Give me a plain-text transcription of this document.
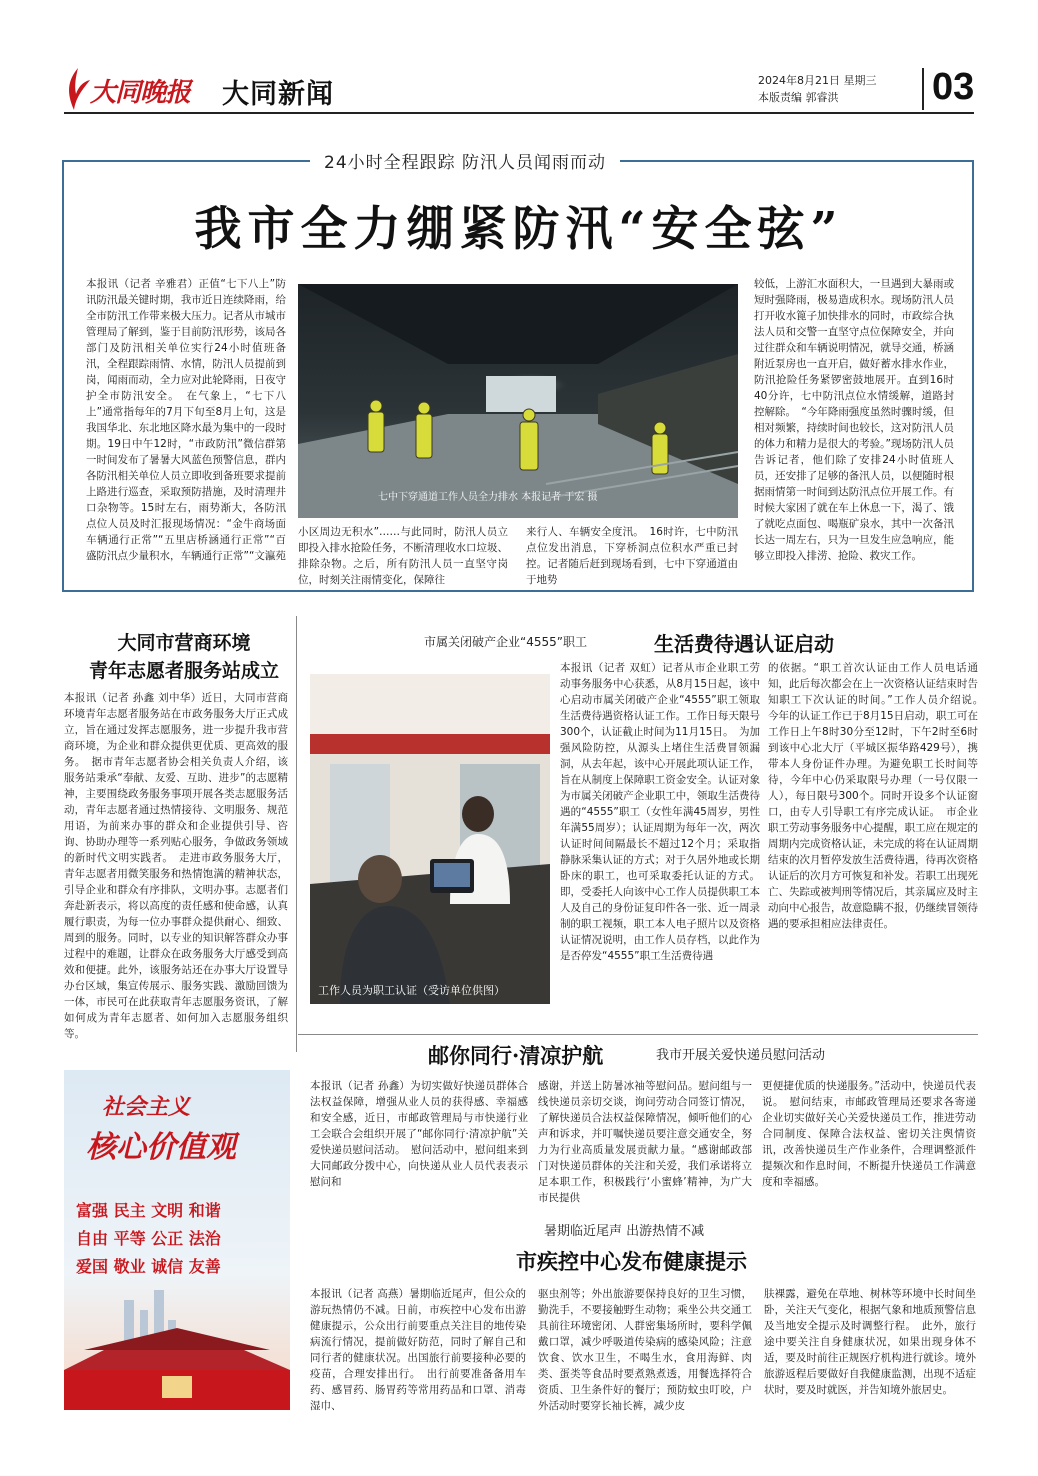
大同晚报 大同新闻	2024年8月21日 星期三
本版责编 郭睿洪 03
24小时全程跟踪 防汛人员闻雨而动
我市全力绷紧防汛“安全弦”
本报讯（记者 辛雅君）正值“七下八上”防讯防汛最关键时期，我市近日连续降雨，给全市防汛工作带来极大压力。记者从市城市管理局了解到，鉴于目前防汛形势，该局各部门及防汛相关单位实行24小时值班备汛，全程跟踪雨情、水情，防汛人员提前到岗，闻雨而动，全力应对此轮降雨，日夜守护全市防汛安全。　在气象上，“七下八上”通常指每年的7月下旬至8月上旬，这是我国华北、东北地区降水最为集中的一段时期。19日中午12时，“市政防汛”微信群第一时间发布了暑暑大风蓝色预警信息，群内各防汛相关单位人员立即收到备班要求提前上路进行巡查，采取预防措施，及时清理井口杂物等。15时左右，雨势渐大，各防汛点位人员及时汇报现场情况：“金牛商场面车辆通行正常”“五里店桥涵通行正常”“百盛防汛点少量积水，车辆通行正常”“文瀛苑
七中下穿通道工作人员全力排水 本报记者 于宏 摄
小区周边无积水”……与此同时，防汛人员立即投入排水抢险任务，不断清理收水口垃圾、排除杂物。之后，所有防汛人员一直坚守岗位，时刻关注雨情变化，保障往
来行人、车辆安全度汛。　16时许，七中防汛点位发出消息，下穿桥洞点位积水严重已封控。记者随后赶到现场看到，七中下穿通道由于地势
较低，上游汇水面积大，一旦遇到大暴雨或短时强降雨，极易造成积水。现场防汛人员打开收水篦子加快排水的同时，市政综合执法人员和交警一直坚守点位保障安全，并向过往群众和车辆说明情况，就导交通，桥涵附近泵房也一直开启，做好蓄水排水作业，防汛抢险任务紧锣密鼓地展开。直到16时40分许，七中防汛点位水情缓解，道路封控解除。　“今年降雨强度虽然时骤时缓，但相对频繁，持续时间也较长，这对防汛人员的体力和精力是很大的考验。”现场防汛人员告诉记者，他们除了安排24小时值班人员，还安排了足够的备汛人员，以便随时根据雨情第一时间到达防汛点位开展工作。有时候大家困了就在车上休息一下，渴了、饿了就吃点面包、喝瓶矿泉水，其中一次备汛长达一周左右，只为一旦发生应急响应，能够立即投入排涝、抢险、救灾工作。
大同市营商环境
青年志愿者服务站成立
本报讯（记者 孙鑫 刘中华）近日，大同市营商环境青年志愿者服务站在市政务服务大厅正式成立，旨在通过发挥志愿服务，进一步提升我市营商环境，为企业和群众提供更优质、更高效的服务。　据市青年志愿者协会相关负责人介绍，该服务站秉承“奉献、友爱、互助、进步”的志愿精神，主要围绕政务服务事项开展各类志愿服务活动，青年志愿者通过热情接待、文明服务、规范用语，为前来办事的群众和企业提供引导、咨询、协助办理等一系列贴心服务，争做政务领域的新时代文明实践者。　走进市政务服务大厅，青年志愿者用微笑服务和热情饱满的精神状态，引导企业和群众有序排队，文明办事。志愿者们奔赴新表示，将以高度的责任感和使命感，认真履行职责，为每一位办事群众提供耐心、细致、周到的服务。同时，以专业的知识解答群众办事过程中的难题，让群众在政务服务大厅感受到高效和便捷。此外，该服务站还在办事大厅设置导办台区域，集宣传展示、服务实践、激励回馈为一体，市民可在此获取青年志愿服务资讯，了解如何成为青年志愿者、如何加入志愿服务组织等。
市属关闭破产企业“4555”职工	生活费待遇认证启动
工作人员为职工认证（受访单位供图）
本报讯（记者 双虹）记者从市企业职工劳动事务服务中心获悉，从8月15日起，该中心启动市属关闭破产企业“4555”职工领取生活费待遇资格认证工作。工作日每天限号300个，认证截止时间为11月15日。　为加强风险防控，从源头上堵住生活费冒领漏洞，从去年起，该中心开展此项认证工作，旨在从制度上保障职工资金安全。认证对象为市属关闭破产企业职工中，领取生活费待遇的“4555”职工（女性年满45周岁，男性年满55周岁）；认证周期为每年一次，两次认证时间间隔最长不超过12个月；采取指静脉采集认证的方式；对于久居外地或长期卧床的职工，也可采取委托认证的方式。即，受委托人向该中心工作人员提供职工本人及自己的身份证复印件各一张、近一周录制的职工视频，职工本人电子照片以及资格认证情况说明，由工作人员存档，以此作为是否停发“4555”职工生活费待遇
的依据。“职工首次认证由工作人员电话通知，此后每次都会在上一次资格认证结束时告知职工下次认证的时间。”工作人员介绍说。　今年的认证工作已于8月15日启动，职工可在工作日上午8时30分至12时，下午2时至6时到该中心北大厅（平城区振华路429号），携带本人身份证件办理。为避免职工长时间等待，今年中心仍采取限号办理（一号仅限一人），每日限号300个。同时开设多个认证窗口，由专人引导职工有序完成认证。　市企业职工劳动事务服务中心提醒，职工应在规定的周期内完成资格认证，未完成的将在认证周期结束的次月暂停发放生活费待遇，待再次资格认证后的次月方可恢复和补发。若职工出现死亡、失踪或被判刑等情况后，其亲属应及时主动向中心报告，故意隐瞒不报，仍继续冒领待遇的要承担相应法律责任。
社会主义
核心价值观
富强 民主 文明 和谐
自由 平等 公正 法治
爱国 敬业 诚信 友善
邮你同行·清凉护航	我市开展关爱快递员慰问活动
本报讯（记者 孙鑫）为切实做好快递员群体合法权益保障，增强从业人员的获得感、幸福感和安全感，近日，市邮政管理局与市快递行业工会联合会组织开展了“邮你同行·清凉护航”关爱快递员慰问活动。　慰问活动中，慰问组来到大同邮政分拨中心，向快递从业人员代表表示慰问和
感谢，并送上防暑冰袖等慰问品。慰问组与一线快递员亲切交谈，询问劳动合同签订情况，了解快递员合法权益保障情况，倾听他们的心声和诉求，并叮嘱快递员要注意交通安全，努力为行业高质量发展贡献力量。“感谢邮政部门对快递员群体的关注和关爱，我们承诺将立足本职工作，积极践行‘小蜜蜂’精神，为广大市民提供
更便捷优质的快递服务。”活动中，快递员代表说。　慰问结束，市邮政管理局还要求各寄递企业切实做好关心关爱快递员工作，推进劳动合同制度、保障合法权益、密切关注舆情资讯，改善快递员生产作业条件，合理调整派件提频次和作息时间，不断提升快递员工作满意度和幸福感。
暑期临近尾声 出游热情不减
市疾控中心发布健康提示
本报讯（记者 高燕）暑期临近尾声，但公众的游玩热情仍不减。日前，市疾控中心发布出游健康提示，公众出行前要重点关注目的地传染病流行情况，提前做好防范，同时了解自己和同行者的健康状况。出国旅行前要接种必要的疫苗，合理安排出行。　出行前要准备备用车药、感冒药、肠胃药等常用药品和口罩、消毒湿巾、
驱虫剂等；外出旅游要保持良好的卫生习惯，勤洗手，不要接触野生动物；乘坐公共交通工具前往环境密闭、人群密集场所时，要科学佩戴口罩，减少呼吸道传染病的感染风险；注意饮食、饮水卫生，不喝生水，食用海鲜、肉类、蛋类等食品时要煮熟煮透，用餐选择符合资质、卫生条件好的餐厅；预防蚊虫叮咬，户外活动时要穿长袖长裤，减少皮
肤裸露，避免在草地、树林等环境中长时间坐卧，关注天气变化，根据气象和地质预警信息及当地安全提示及时调整行程。　此外，旅行途中要关注自身健康状况，如果出现身体不适，要及时前往正规医疗机构进行就诊。境外旅游返程后要做好自我健康监测，出现不适症状时，要及时就医，并告知境外旅居史。
